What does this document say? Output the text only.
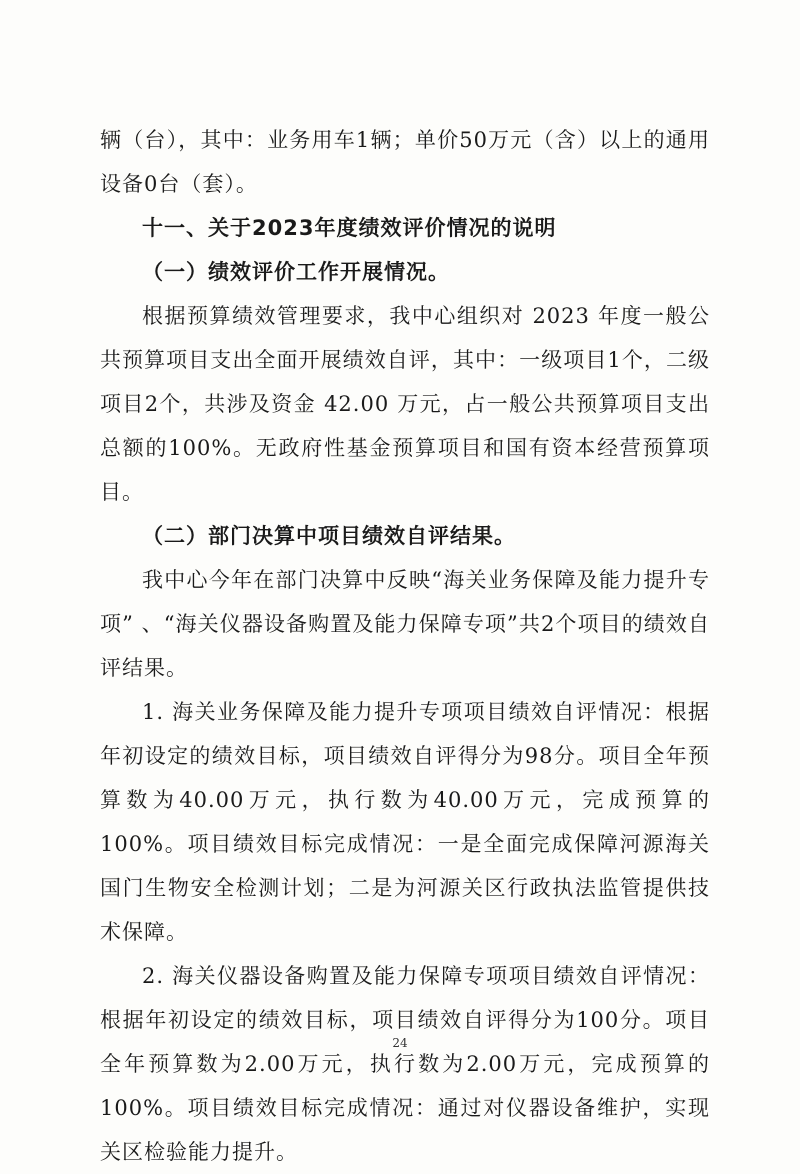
辆（台），其中：业务用车1辆；单价50万元（含）以上的通用设备0台（套）。

十一、关于2023年度绩效评价情况的说明

（一）绩效评价工作开展情况。

根据预算绩效管理要求，我中心组织对 2023 年度一般公共预算项目支出全面开展绩效自评，其中：一级项目1个，二级项目2个，共涉及资金 42.00 万元，占一般公共预算项目支出总额的100%。无政府性基金预算项目和国有资本经营预算项目。

（二）部门决算中项目绩效自评结果。

我中心今年在部门决算中反映“海关业务保障及能力提升专项” 、“海关仪器设备购置及能力保障专项”共2个项目的绩效自评结果。

1. 海关业务保障及能力提升专项项目绩效自评情况：根据年初设定的绩效目标，项目绩效自评得分为98分。项目全年预算数为40.00万元，执行数为40.00万元，完成预算的100%。项目绩效目标完成情况：一是全面完成保障河源海关国门生物安全检测计划；二是为河源关区行政执法监管提供技术保障。

2. 海关仪器设备购置及能力保障专项项目绩效自评情况：根据年初设定的绩效目标，项目绩效自评得分为100分。项目全年预算数为2.00万元，执行数为2.00万元，完成预算的100%。项目绩效目标完成情况：通过对仪器设备维护，实现关区检验能力提升。

24
